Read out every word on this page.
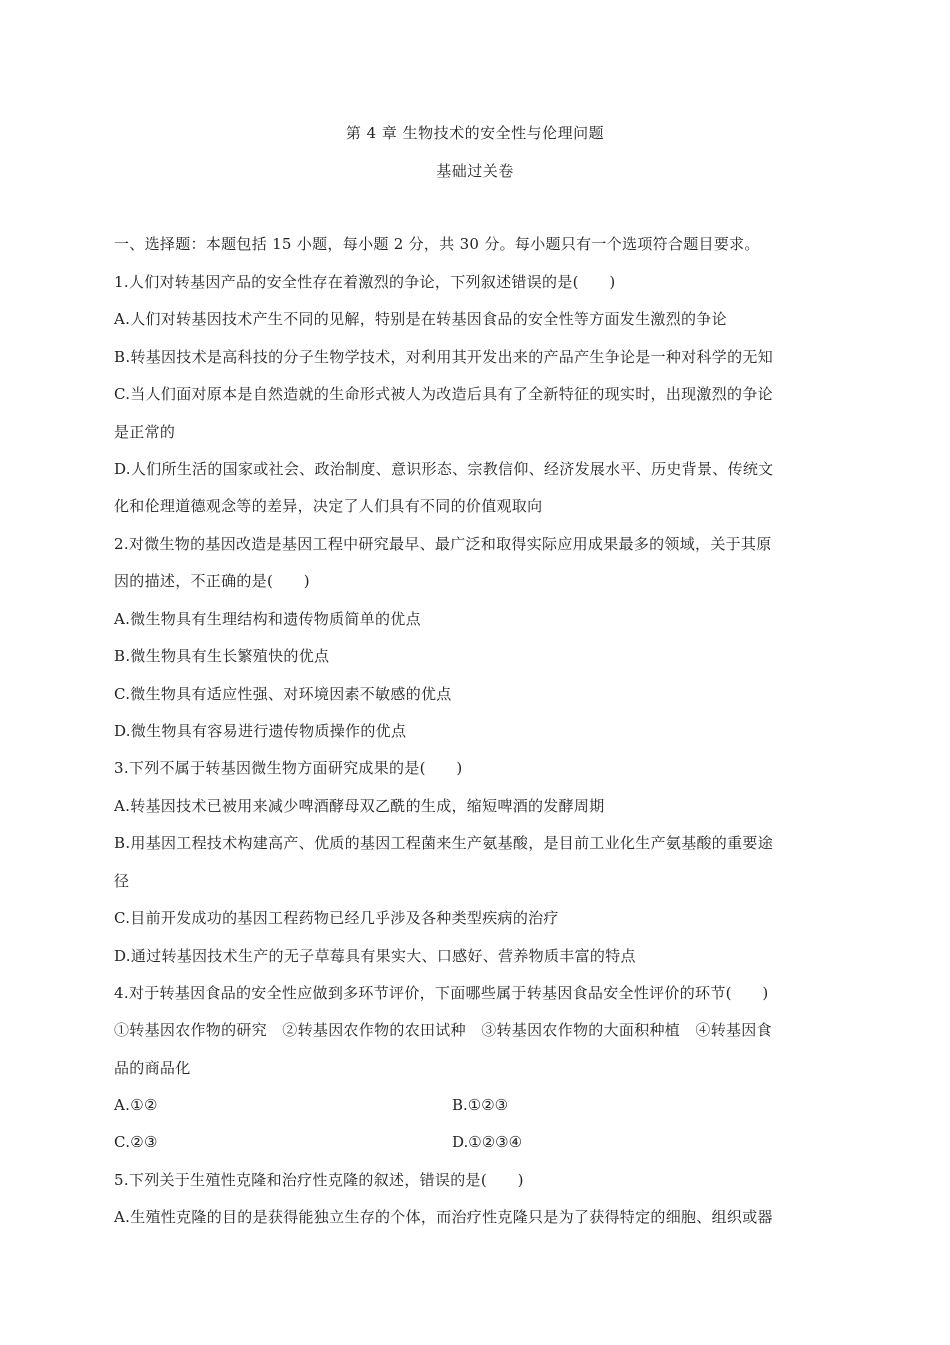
第 4 章 生物技术的安全性与伦理问题
基础过关卷
一、选择题：本题包括 15 小题，每小题 2 分，共 30 分。每小题只有一个选项符合题目要求。
1.人们对转基因产品的安全性存在着激烈的争论，下列叙述错误的是(　　)
A.人们对转基因技术产生不同的见解，特别是在转基因食品的安全性等方面发生激烈的争论
B.转基因技术是高科技的分子生物学技术，对利用其开发出来的产品产生争论是一种对科学的无知
C.当人们面对原本是自然造就的生命形式被人为改造后具有了全新特征的现实时，出现激烈的争论
是正常的
D.人们所生活的国家或社会、政治制度、意识形态、宗教信仰、经济发展水平、历史背景、传统文
化和伦理道德观念等的差异，决定了人们具有不同的价值观取向
2.对微生物的基因改造是基因工程中研究最早、最广泛和取得实际应用成果最多的领域，关于其原
因的描述，不正确的是(　　)
A.微生物具有生理结构和遗传物质简单的优点
B.微生物具有生长繁殖快的优点
C.微生物具有适应性强、对环境因素不敏感的优点
D.微生物具有容易进行遗传物质操作的优点
3.下列不属于转基因微生物方面研究成果的是(　　)
A.转基因技术已被用来减少啤酒酵母双乙酰的生成，缩短啤酒的发酵周期
B.用基因工程技术构建高产、优质的基因工程菌来生产氨基酸，是目前工业化生产氨基酸的重要途
径
C.目前开发成功的基因工程药物已经几乎涉及各种类型疾病的治疗
D.通过转基因技术生产的无子草莓具有果实大、口感好、营养物质丰富的特点
4.对于转基因食品的安全性应做到多环节评价，下面哪些属于转基因食品安全性评价的环节(　　)
①转基因农作物的研究　②转基因农作物的农田试种　③转基因农作物的大面积种植　④转基因食
品的商品化
A.①②	B.①②③
C.②③	D.①②③④
5.下列关于生殖性克隆和治疗性克隆的叙述，错误的是(　　)
A.生殖性克隆的目的是获得能独立生存的个体，而治疗性克隆只是为了获得特定的细胞、组织或器
